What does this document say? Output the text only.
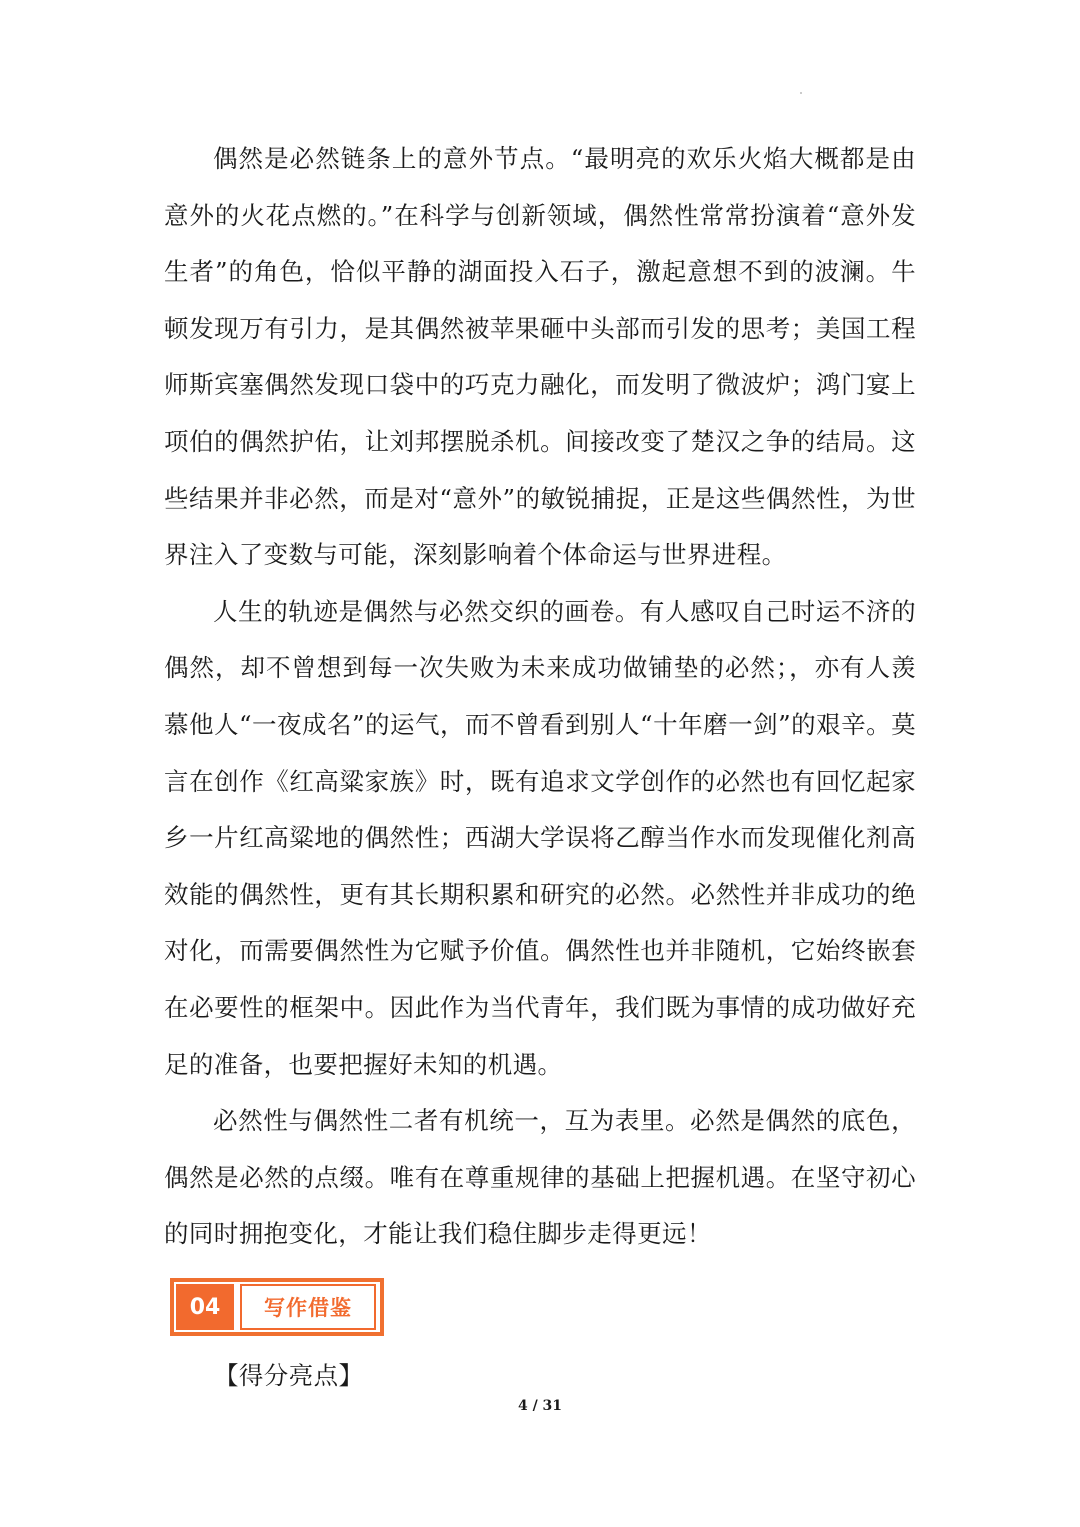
偶然是必然链条上的意外节点。“最明亮的欢乐火焰大概都是由意外的火花点燃的。”在科学与创新领域，偶然性常常扮演着“意外发生者”的角色，恰似平静的湖面投入石子，激起意想不到的波澜。牛顿发现万有引力，是其偶然被苹果砸中头部而引发的思考；美国工程师斯宾塞偶然发现口袋中的巧克力融化，而发明了微波炉；鸿门宴上项伯的偶然护佑，让刘邦摆脱杀机。间接改变了楚汉之争的结局。这些结果并非必然，而是对“意外”的敏锐捕捉，正是这些偶然性，为世界注入了变数与可能，深刻影响着个体命运与世界进程。

人生的轨迹是偶然与必然交织的画卷。有人感叹自己时运不济的偶然，却不曾想到每一次失败为未来成功做铺垫的必然；，亦有人羡慕他人“一夜成名”的运气，而不曾看到别人“十年磨一剑”的艰辛。莫言在创作《红高粱家族》时，既有追求文学创作的必然也有回忆起家乡一片红高粱地的偶然性；西湖大学误将乙醇当作水而发现催化剂高效能的偶然性，更有其长期积累和研究的必然。必然性并非成功的绝对化，而需要偶然性为它赋予价值。偶然性也并非随机，它始终嵌套在必要性的框架中。因此作为当代青年，我们既为事情的成功做好充足的准备，也要把握好未知的机遇。

必然性与偶然性二者有机统一，互为表里。必然是偶然的底色，偶然是必然的点缀。唯有在尊重规律的基础上把握机遇。在坚守初心的同时拥抱变化，才能让我们稳住脚步走得更远！

04	写作借鉴
【得分亮点】
4 / 31
